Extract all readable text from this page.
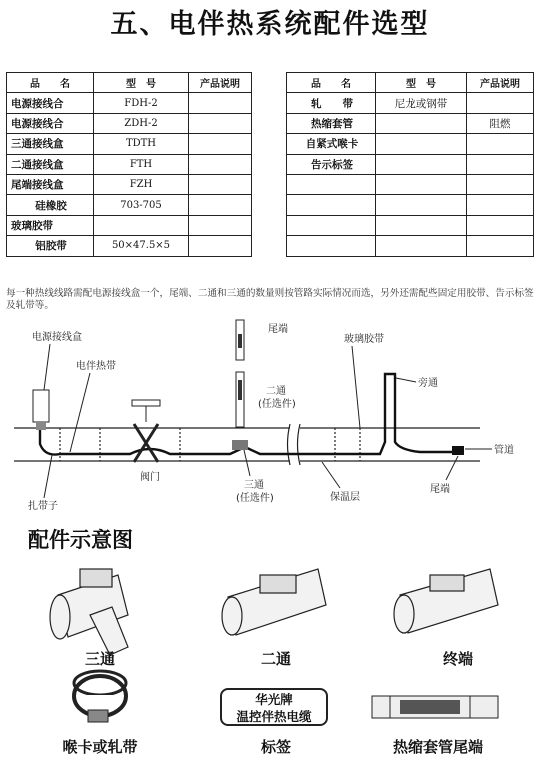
五、电伴热系统配件选型
品　　名	型　号	产品说明
电源接线合	FDH-2	
电源接线合	ZDH-2	
三通接线盒	TDTH	
二通接线盒	FTH	
尾端接线盒	FZH	
硅橡胶	703-705	
玻璃胶带		
铝胶带	50×47.5×5	
品　　名	型　号	产品说明
轧　　带	尼龙或钢带	
热缩套管		阻燃
自紧式喉卡		
告示标签		

每一种热线线路需配电源接线盒一个，尾端、二通和三通的数量则按管路实际情况而选，另外还需配些固定用胶带、告示标签及轧带等。
电源接线盒
电伴热带
尾端
玻璃胶带
二通
(任选件)
旁通
管道
阀门
扎带子
三通
(任选件)	保温层
尾端
配件示意图
华光牌
温控伴热电缆
三通	二通	终端
喉卡或轧带	标签	热缩套管尾端
